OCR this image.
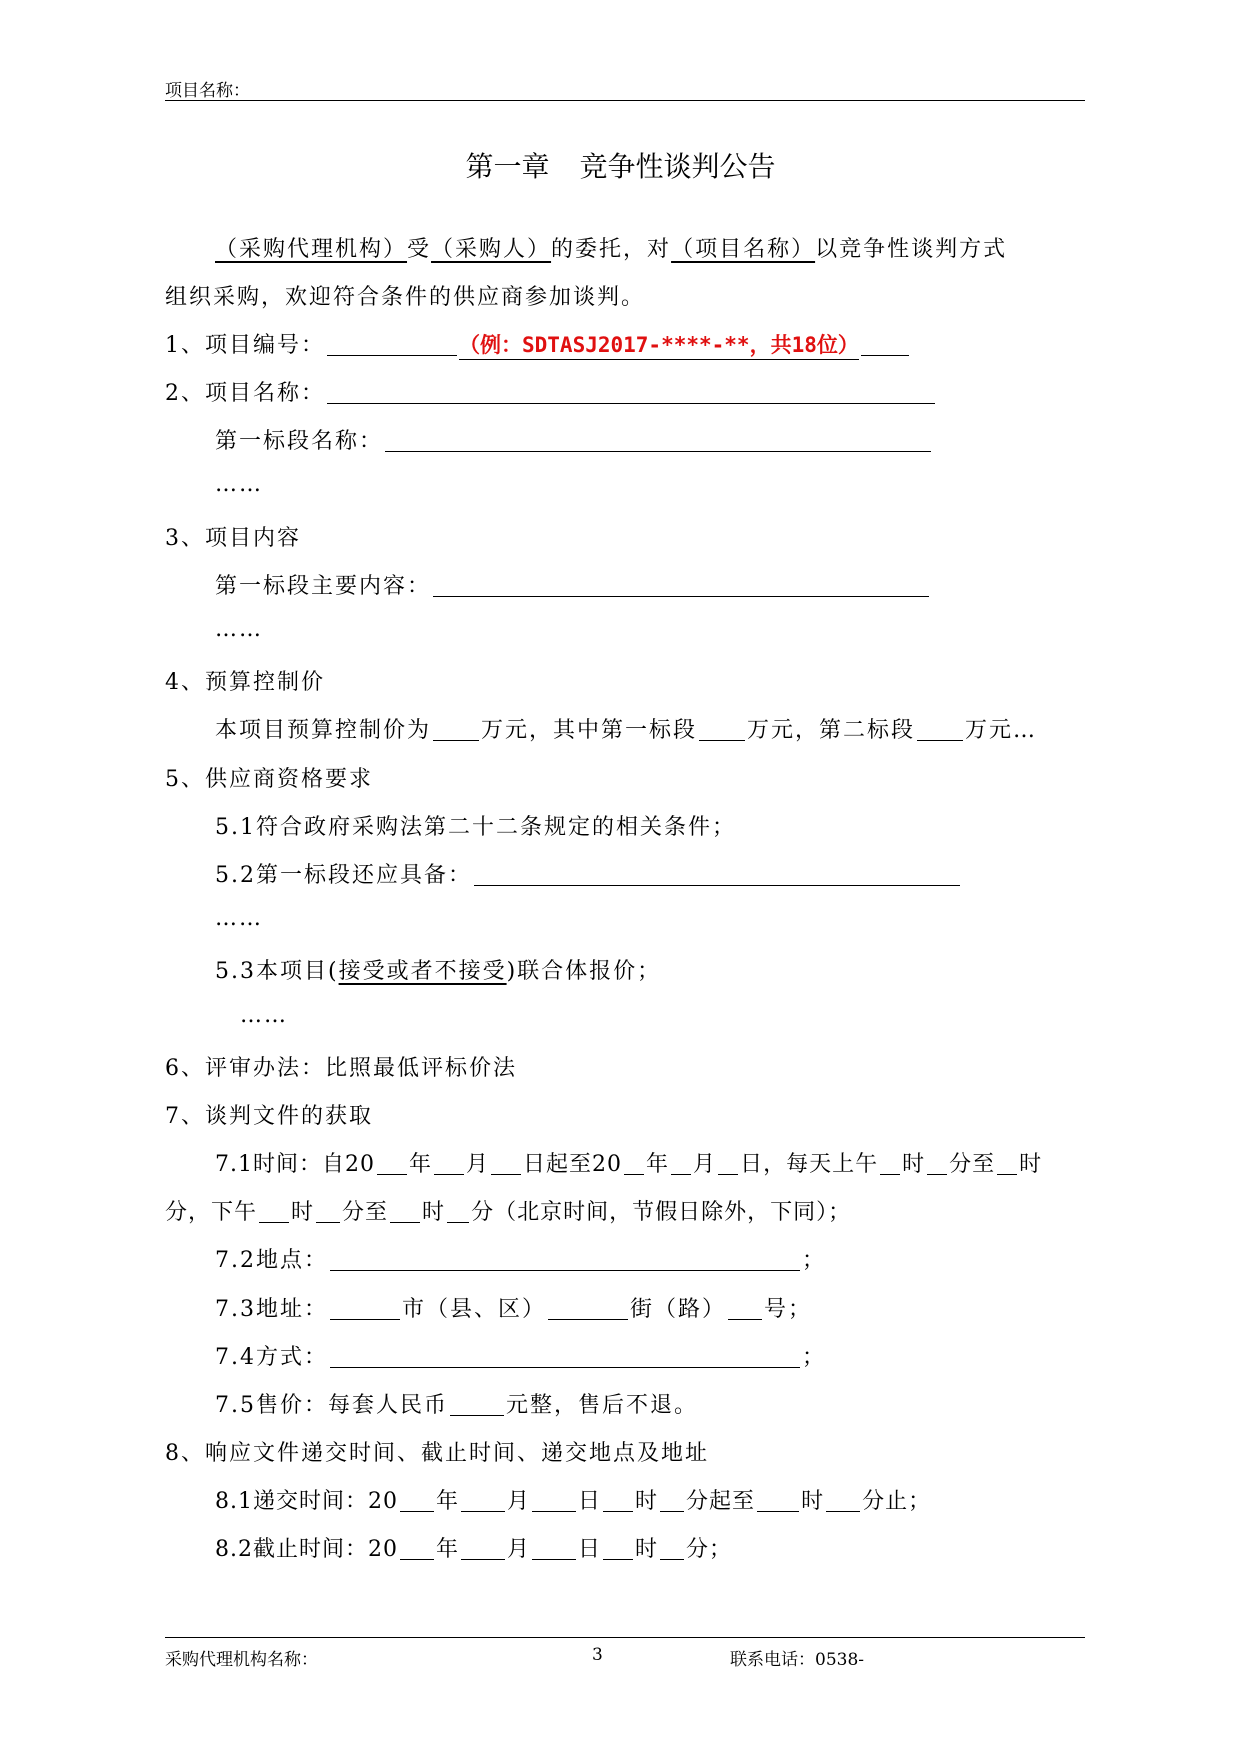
项目名称：
第一章 竞争性谈判公告
（采购代理机构）受（采购人）的委托，对（项目名称）以竞争性谈判方式
组织采购，欢迎符合条件的供应商参加谈判。
1、项目编号：	（例：SDTASJ2017-****-**，共18位）
2、项目名称：
第一标段名称：
……
3、项目内容
第一标段主要内容：
……
4、预算控制价
本项目预算控制价为 万元，其中第一标段 万元，第二标段 万元…
5、供应商资格要求
5.1符合政府采购法第二十二条规定的相关条件；
5.2第一标段还应具备：
……
5.3本项目(接受或者不接受)联合体报价；
……
6、评审办法：比照最低评标价法
7、谈判文件的获取
7.1时间：自20 年 月 日起至20 年 月 日，每天上午 时 分至 时
分，下午 时 分至 时 分（北京时间，节假日除外，下同）；
7.2地点：	；
7.3地址：	市（县、区）	街（路） 号；
7.4方式：	；
7.5售价：每套人民币	元整，售后不退。
8、响应文件递交时间、截止时间、递交地点及地址
8.1递交时间：20 年 月 日 时 分起至 时 分止；
8.2截止时间：20 年 月 日 时 分；
采购代理机构名称：	3	联系电话：0538-
